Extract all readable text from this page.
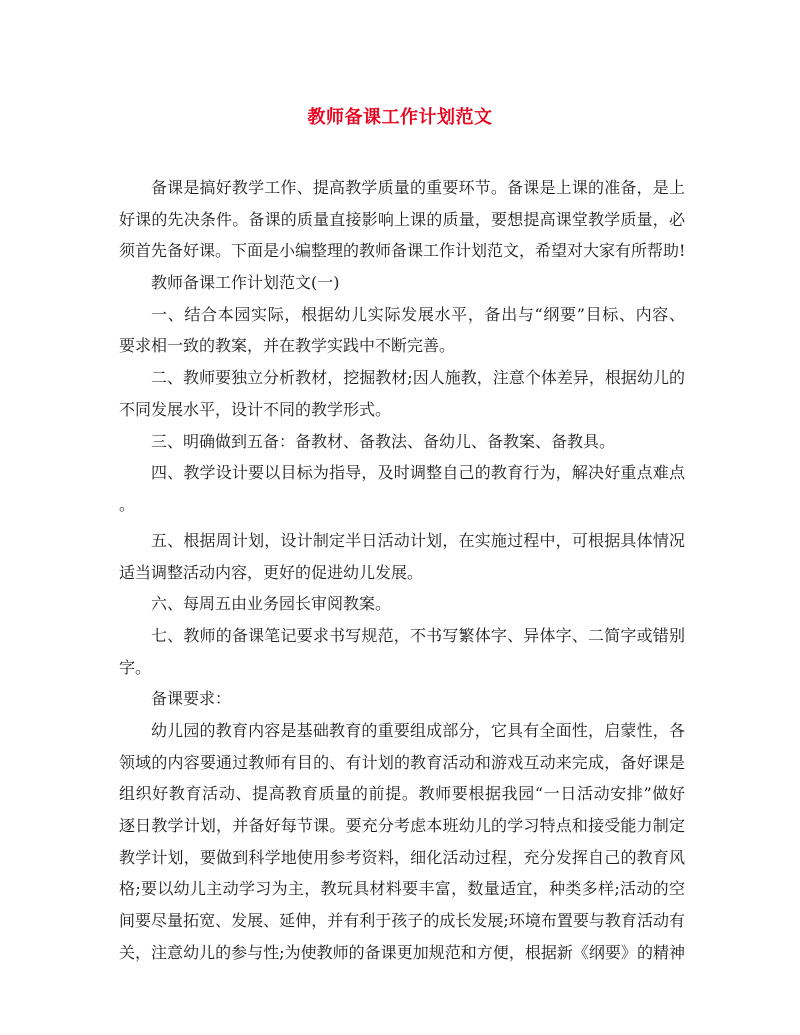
教师备课工作计划范文
备课是搞好教学工作、提高教学质量的重要环节。备课是上课的准备，是上
好课的先决条件。备课的质量直接影响上课的质量，要想提高课堂教学质量，必
须首先备好课。下面是小编整理的教师备课工作计划范文，希望对大家有所帮助!
教师备课工作计划范文(一)
一、结合本园实际，根据幼儿实际发展水平，备出与“纲要”目标、内容、
要求相一致的教案，并在教学实践中不断完善。
二、教师要独立分析教材，挖掘教材;因人施教，注意个体差异，根据幼儿的
不同发展水平，设计不同的教学形式。
三、明确做到五备：备教材、备教法、备幼儿、备教案、备教具。
四、教学设计要以目标为指导，及时调整自己的教育行为，解决好重点难点
。
五、根据周计划，设计制定半日活动计划，在实施过程中，可根据具体情况
适当调整活动内容，更好的促进幼儿发展。
六、每周五由业务园长审阅教案。
七、教师的备课笔记要求书写规范，不书写繁体字、异体字、二简字或错别
字。
备课要求：
幼儿园的教育内容是基础教育的重要组成部分，它具有全面性，启蒙性，各
领域的内容要通过教师有目的、有计划的教育活动和游戏互动来完成，备好课是
组织好教育活动、提高教育质量的前提。教师要根据我园“一日活动安排”做好
逐日教学计划，并备好每节课。要充分考虑本班幼儿的学习特点和接受能力制定
教学计划，要做到科学地使用参考资料，细化活动过程，充分发挥自己的教育风
格;要以幼儿主动学习为主，教玩具材料要丰富，数量适宜，种类多样;活动的空
间要尽量拓宽、发展、延伸，并有利于孩子的成长发展;环境布置要与教育活动有
关，注意幼儿的参与性;为使教师的备课更加规范和方便，根据新《纲要》的精神
